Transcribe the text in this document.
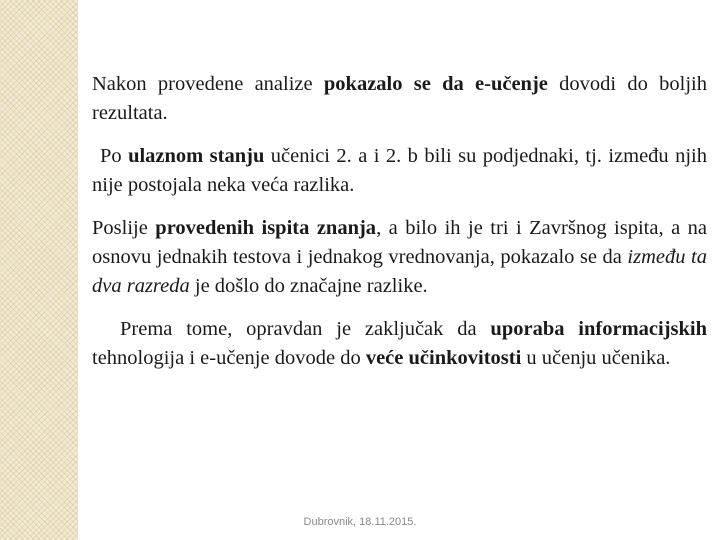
Nakon provedene analize pokazalo se da e-učenje dovodi do boljih rezultata.

Po ulaznom stanju učenici 2. a i 2. b bili su podjednaki, tj. između njih nije postojala neka veća razlika.

Poslije provedenih ispita znanja, a bilo ih je tri i Završnog ispita, a na osnovu jednakih testova i jednakog vrednovanja, pokazalo se da između ta dva razreda je došlo do značajne razlike.

Prema tome, opravdan je zaključak da uporaba informacijskih tehnologija i e-učenje dovode do veće učinkovitosti u učenju učenika.

Dubrovnik, 18.11.2015.
